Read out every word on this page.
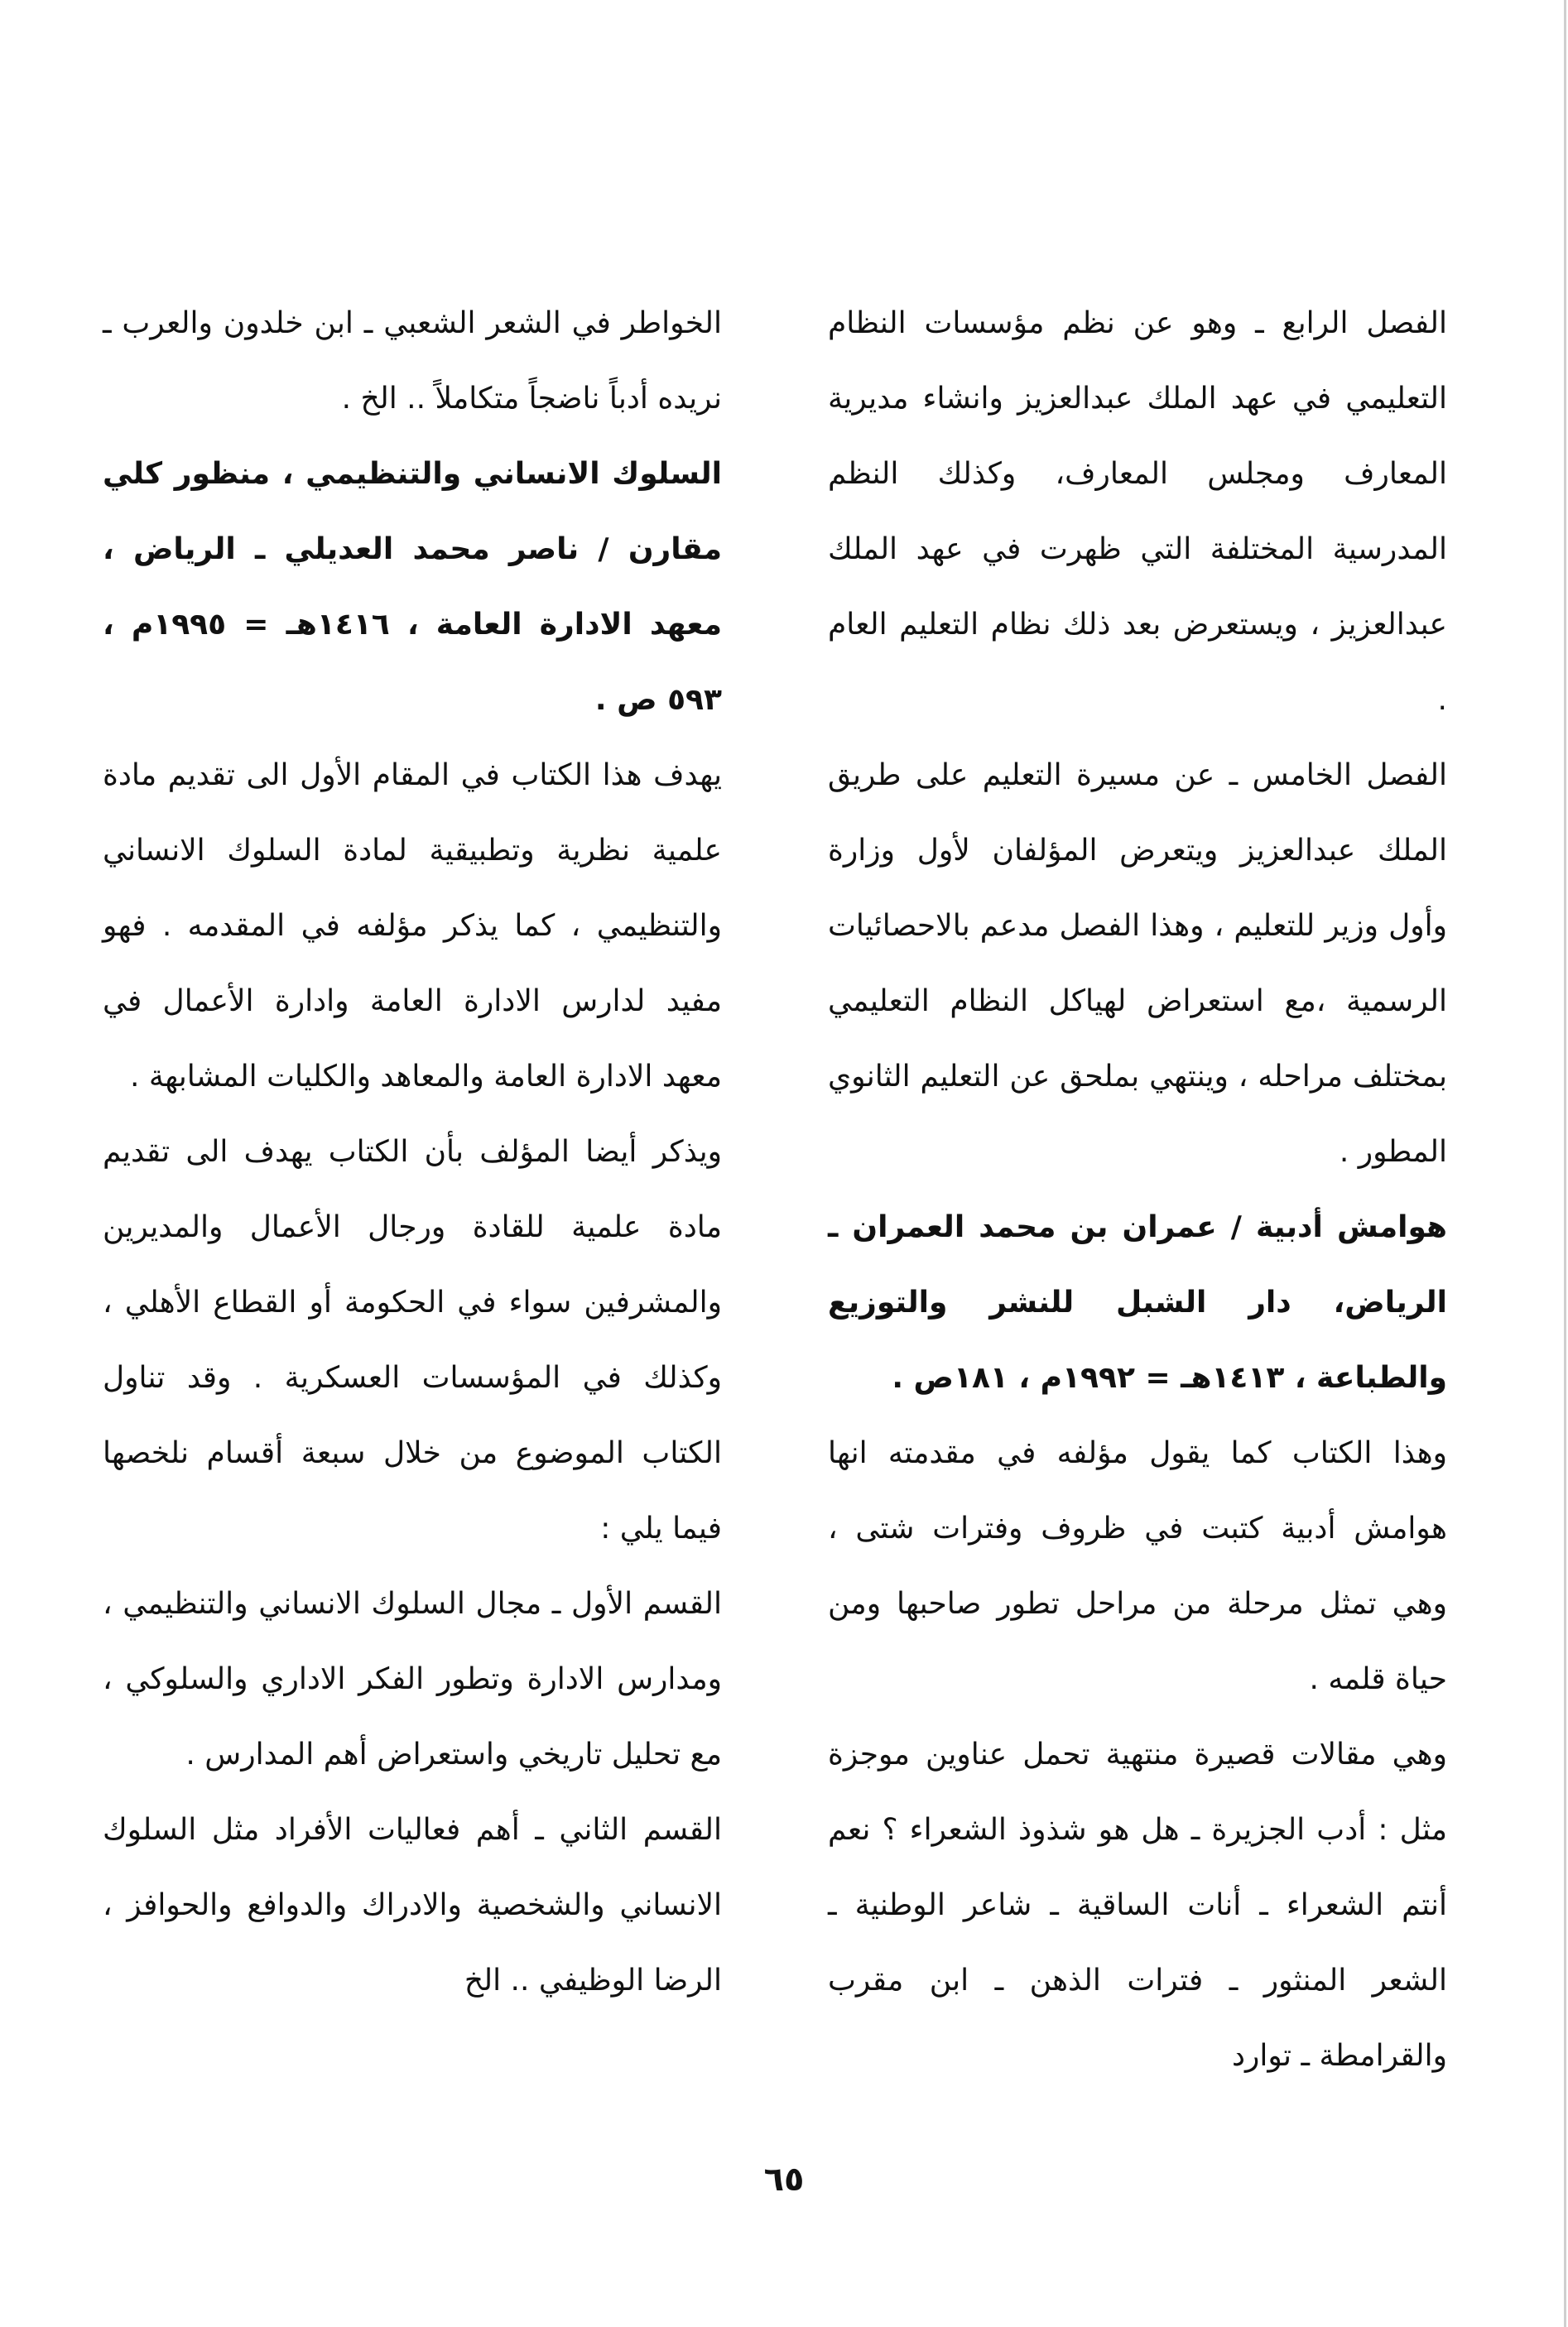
الفصل الرابع ـ وهو عن نظم مؤسسات النظام التعليمي في عهد الملك عبدالعزيز وانشاء مديرية المعارف ومجلس المعارف، وكذلك النظم المدرسية المختلفة التي ظهرت في عهد الملك عبدالعزيز ، ويستعرض بعد ذلك نظام التعليم العام .

الفصل الخامس ـ عن مسيرة التعليم على طريق الملك عبدالعزيز ويتعرض المؤلفان لأول وزارة وأول وزير للتعليم ، وهذا الفصل مدعم بالاحصائيات الرسمية ،مع استعراض لهياكل النظام التعليمي بمختلف مراحله ، وينتهي بملحق عن التعليم الثانوي المطور .

هوامش أدبية / عمران بن محمد العمران ـ الرياض، دار الشبل للنشر والتوزيع والطباعة ، ١٤١٣هـ = ١٩٩٢م ، ١٨١ص .

وهذا الكتاب كما يقول مؤلفه في مقدمته انها هوامش أدبية كتبت في ظروف وفترات شتى ، وهي تمثل مرحلة من مراحل تطور صاحبها ومن حياة قلمه .

وهي مقالات قصيرة منتهية تحمل عناوين موجزة مثل : أدب الجزيرة ـ هل هو شذوذ الشعراء ؟ نعم أنتم الشعراء ـ أنات الساقية ـ شاعر الوطنية ـ الشعر المنثور ـ فترات الذهن ـ ابن مقرب والقرامطة ـ توارد

الخواطر في الشعر الشعبي ـ ابن خلدون والعرب ـ نريده أدباً ناضجاً متكاملاً .. الخ .

السلوك الانساني والتنظيمي ، منظور كلي مقارن / ناصر محمد العديلي ـ الرياض ، معهد الادارة العامة ، ١٤١٦هـ = ١٩٩٥م ، ٥٩٣ ص .

يهدف هذا الكتاب في المقام الأول الى تقديم مادة علمية نظرية وتطبيقية لمادة السلوك الانساني والتنظيمي ، كما يذكر مؤلفه في المقدمه . فهو مفيد لدارس الادارة العامة وادارة الأعمال في معهد الادارة العامة والمعاهد والكليات المشابهة .

ويذكر أيضا المؤلف بأن الكتاب يهدف الى تقديم مادة علمية للقادة ورجال الأعمال والمديرين والمشرفين سواء في الحكومة أو القطاع الأهلي ، وكذلك في المؤسسات العسكرية . وقد تناول الكتاب الموضوع من خلال سبعة أقسام نلخصها فيما يلي :

القسم الأول ـ مجال السلوك الانساني والتنظيمي ، ومدارس الادارة وتطور الفكر الاداري والسلوكي ، مع تحليل تاريخي واستعراض أهم المدارس .

القسم الثاني ـ أهم فعاليات الأفراد مثل السلوك الانساني والشخصية والادراك والدوافع والحوافز ، الرضا الوظيفي .. الخ

٦٥
